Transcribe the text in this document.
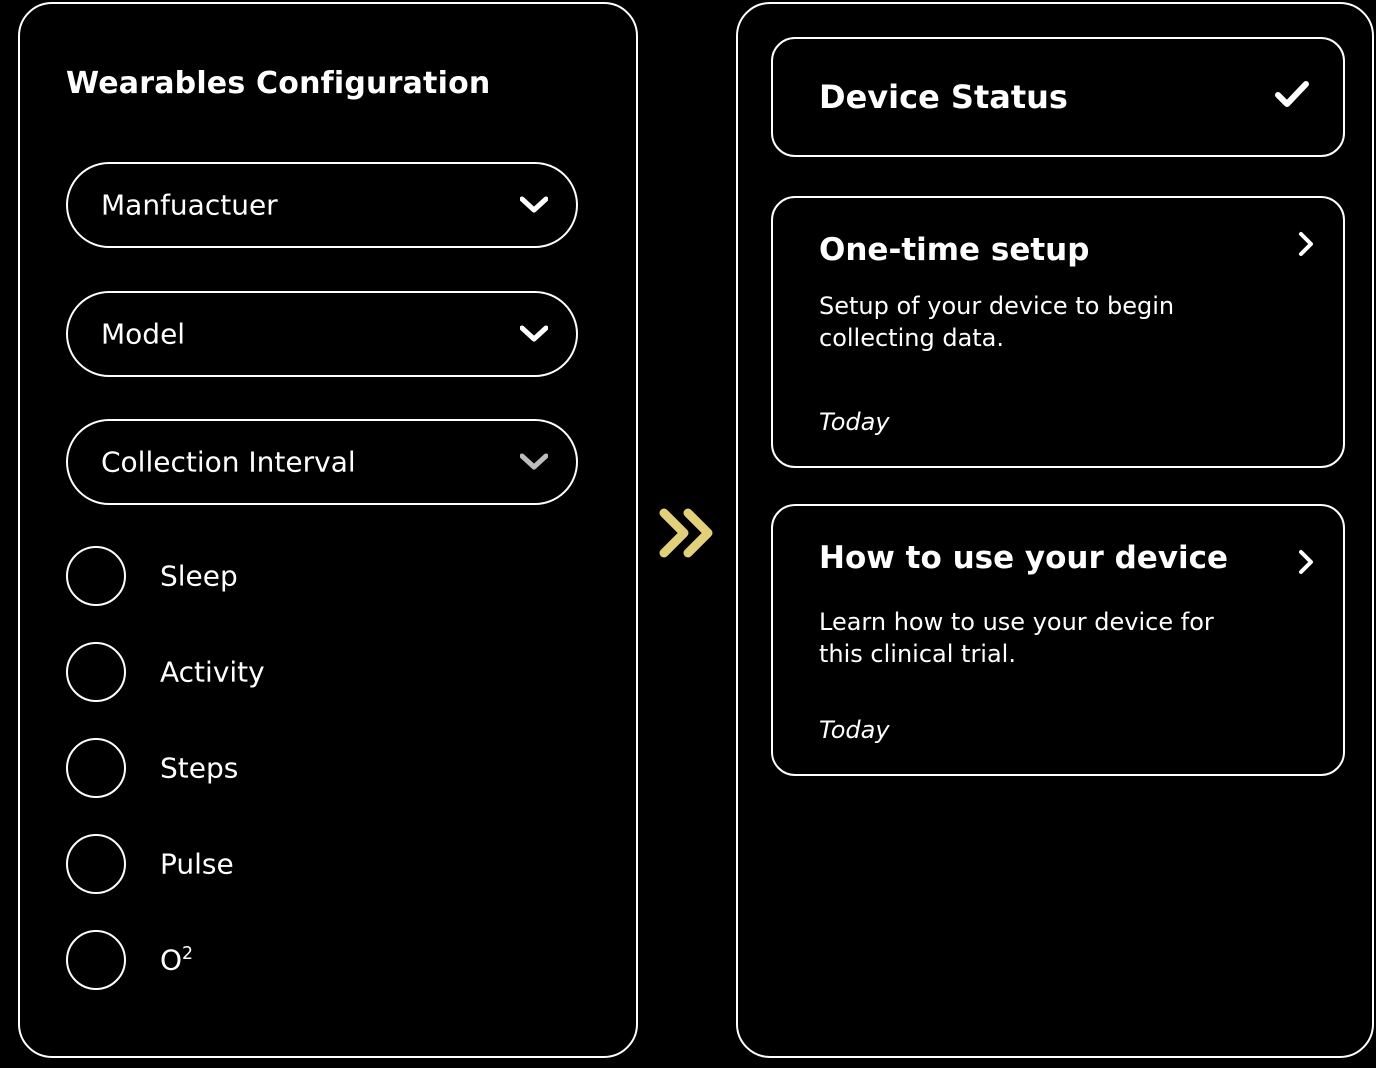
Wearables Configuration
Manfuactuer
Model
Collection Interval
Sleep
Activity
Steps
Pulse
$O^2$
Device Status
One-time setup
Setup of your device to begin collecting data.
Today
How to use your device
Learn how to use your device for this clinical trial.
Today
